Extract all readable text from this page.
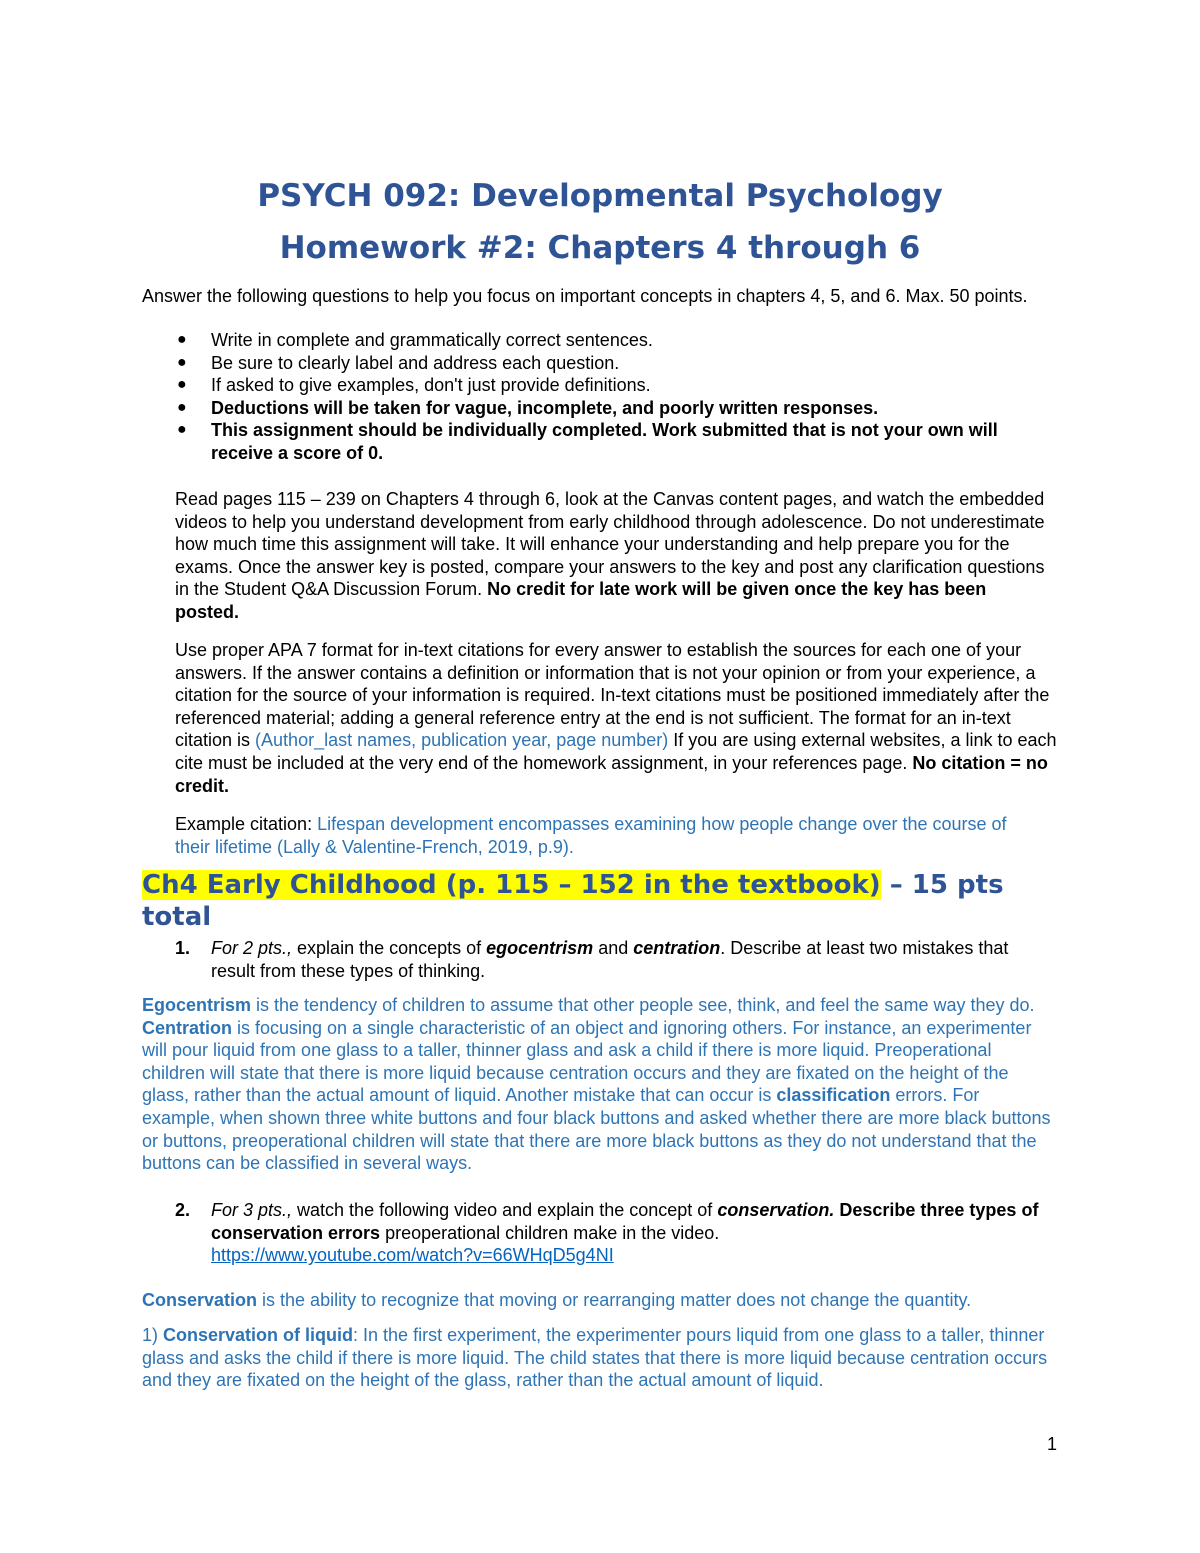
PSYCH 092: Developmental Psychology
Homework #2: Chapters 4 through 6

Answer the following questions to help you focus on important concepts in chapters 4, 5, and 6. Max. 50 points.

● Write in complete and grammatically correct sentences.
● Be sure to clearly label and address each question.
● If asked to give examples, don't just provide definitions.
● Deductions will be taken for vague, incomplete, and poorly written responses.
● This assignment should be individually completed. Work submitted that is not your own will receive a score of 0.

Read pages 115 – 239 on Chapters 4 through 6, look at the Canvas content pages, and watch the embedded videos to help you understand development from early childhood through adolescence. Do not underestimate how much time this assignment will take. It will enhance your understanding and help prepare you for the exams. Once the answer key is posted, compare your answers to the key and post any clarification questions in the Student Q&A Discussion Forum. No credit for late work will be given once the key has been posted.

Use proper APA 7 format for in-text citations for every answer to establish the sources for each one of your answers. If the answer contains a definition or information that is not your opinion or from your experience, a citation for the source of your information is required. In-text citations must be positioned immediately after the referenced material; adding a general reference entry at the end is not sufficient. The format for an in-text citation is (Author_last names, publication year, page number) If you are using external websites, a link to each cite must be included at the very end of the homework assignment, in your references page. No citation = no credit.

Example citation: Lifespan development encompasses examining how people change over the course of their lifetime (Lally & Valentine-French, 2019, p.9).

Ch4 Early Childhood (p. 115 – 152 in the textbook) – 15 pts total
1. For 2 pts., explain the concepts of egocentrism and centration. Describe at least two mistakes that result from these types of thinking.

Egocentrism is the tendency of children to assume that other people see, think, and feel the same way they do. Centration is focusing on a single characteristic of an object and ignoring others. For instance, an experimenter will pour liquid from one glass to a taller, thinner glass and ask a child if there is more liquid. Preoperational children will state that there is more liquid because centration occurs and they are fixated on the height of the glass, rather than the actual amount of liquid. Another mistake that can occur is classification errors. For example, when shown three white buttons and four black buttons and asked whether there are more black buttons or buttons, preoperational children will state that there are more black buttons as they do not understand that the buttons can be classified in several ways.

2. For 3 pts., watch the following video and explain the concept of conservation. Describe three types of conservation errors preoperational children make in the video.
https://www.youtube.com/watch?v=66WHqD5g4NI

Conservation is the ability to recognize that moving or rearranging matter does not change the quantity.

1) Conservation of liquid: In the first experiment, the experimenter pours liquid from one glass to a taller, thinner glass and asks the child if there is more liquid. The child states that there is more liquid because centration occurs and they are fixated on the height of the glass, rather than the actual amount of liquid.

1
